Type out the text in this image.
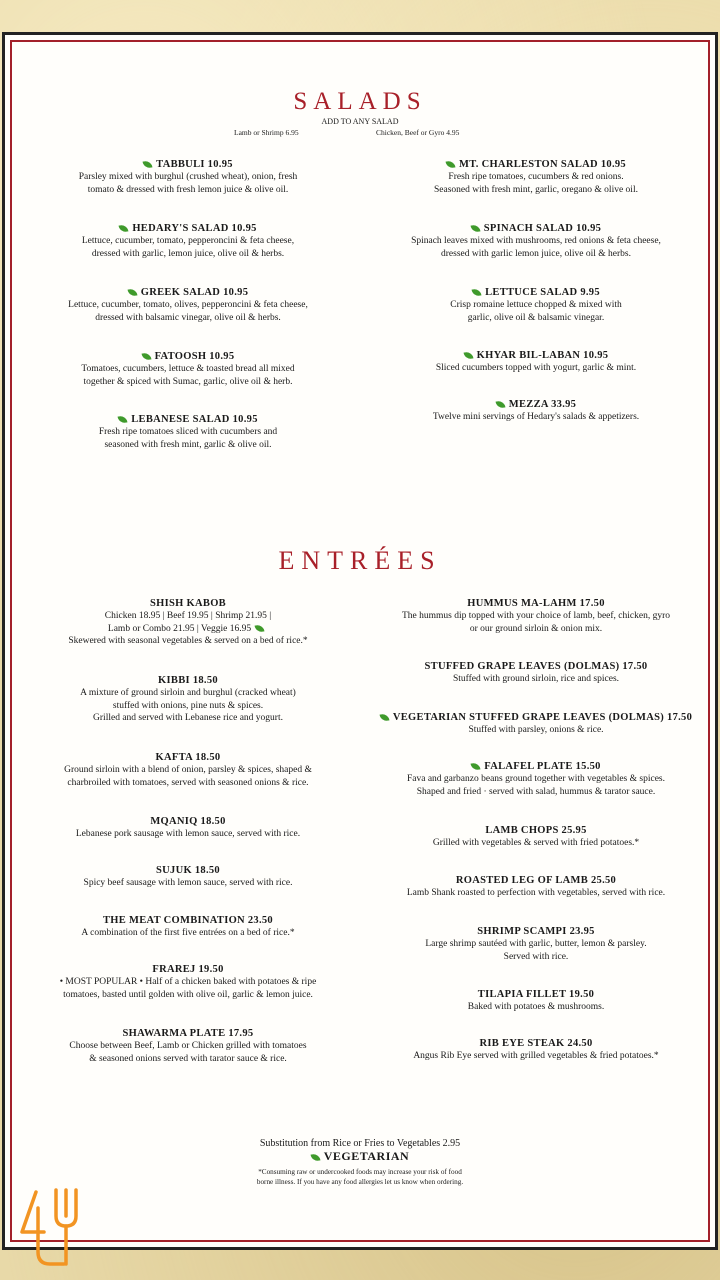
SALADS
ADD TO ANY SALAD
Lamb or Shrimp 6.95	Chicken, Beef or Gyro 4.95
TABBULI 10.95
Parsley mixed with burghul (crushed wheat), onion, fresh
tomato & dressed with fresh lemon juice & olive oil.
HEDARY'S SALAD 10.95
Lettuce, cucumber, tomato, pepperoncini & feta cheese,
dressed with garlic, lemon juice, olive oil & herbs.
GREEK SALAD 10.95
Lettuce, cucumber, tomato, olives, pepperoncini & feta cheese,
dressed with balsamic vinegar, olive oil & herbs.
FATOOSH 10.95
Tomatoes, cucumbers, lettuce & toasted bread all mixed
together & spiced with Sumac, garlic, olive oil & herb.
LEBANESE SALAD 10.95
Fresh ripe tomatoes sliced with cucumbers and
seasoned with fresh mint, garlic & olive oil.
MT. CHARLESTON SALAD 10.95
Fresh ripe tomatoes, cucumbers & red onions.
Seasoned with fresh mint, garlic, oregano & olive oil.
SPINACH SALAD 10.95
Spinach leaves mixed with mushrooms, red onions & feta cheese,
dressed with garlic lemon juice, olive oil & herbs.
LETTUCE SALAD 9.95
Crisp romaine lettuce chopped & mixed with
garlic, olive oil & balsamic vinegar.
KHYAR BIL-LABAN 10.95
Sliced cucumbers topped with yogurt, garlic & mint.
MEZZA 33.95
Twelve mini servings of Hedary's salads & appetizers.
ENTRÉES
SHISH KABOB
Chicken 18.95 | Beef 19.95 | Shrimp 21.95 |
Lamb or Combo 21.95 | Veggie 16.95
Skewered with seasonal vegetables & served on a bed of rice.*
KIBBI 18.50
A mixture of ground sirloin and burghul (cracked wheat)
stuffed with onions, pine nuts & spices.
Grilled and served with Lebanese rice and yogurt.
KAFTA 18.50
Ground sirloin with a blend of onion, parsley & spices, shaped &
charbroiled with tomatoes, served with seasoned onions & rice.
MQANIQ 18.50
Lebanese pork sausage with lemon sauce, served with rice.
SUJUK 18.50
Spicy beef sausage with lemon sauce, served with rice.
THE MEAT COMBINATION 23.50
A combination of the first five entrées on a bed of rice.*
FRAREJ 19.50
• MOST POPULAR • Half of a chicken baked with potatoes & ripe
tomatoes, basted until golden with olive oil, garlic & lemon juice.
SHAWARMA PLATE 17.95
Choose between Beef, Lamb or Chicken grilled with tomatoes
& seasoned onions served with tarator sauce & rice.
HUMMUS MA-LAHM 17.50
The hummus dip topped with your choice of lamb, beef, chicken, gyro
or our ground sirloin & onion mix.
STUFFED GRAPE LEAVES (DOLMAS) 17.50
Stuffed with ground sirloin, rice and spices.
VEGETARIAN STUFFED GRAPE LEAVES (DOLMAS) 17.50
Stuffed with parsley, onions & rice.
FALAFEL PLATE 15.50
Fava and garbanzo beans ground together with vegetables & spices.
Shaped and fried · served with salad, hummus & tarator sauce.
LAMB CHOPS 25.95
Grilled with vegetables & served with fried potatoes.*
ROASTED LEG OF LAMB 25.50
Lamb Shank roasted to perfection with vegetables, served with rice.
SHRIMP SCAMPI 23.95
Large shrimp sautéed with garlic, butter, lemon & parsley.
Served with rice.
TILAPIA FILLET 19.50
Baked with potatoes & mushrooms.
RIB EYE STEAK 24.50
Angus Rib Eye served with grilled vegetables & fried potatoes.*
Substitution from Rice or Fries to Vegetables 2.95
VEGETARIAN
*Consuming raw or undercooked foods may increase your risk of food
borne illness. If you have any food allergies let us know when ordering.
